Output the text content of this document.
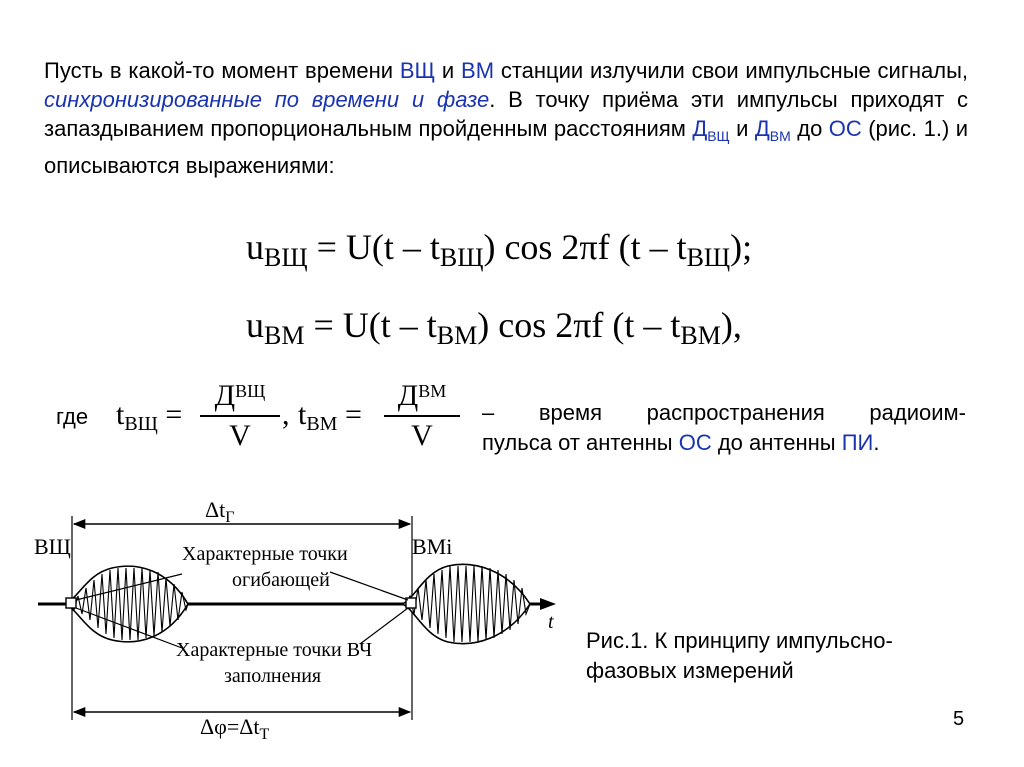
Пусть в какой-то момент времени ВЩ и ВМ станции излучили свои импульсные сигналы, синхронизированные по времени и фазе. В точку приёма эти импульсы приходят с запаздыванием пропорциональным пройденным расстояниям $Д_{ВЩ}$ и $Д_{ВМ}$ до ОС (рис. 1.) и описываются выражениями:

uВЩ = U(t – tВЩ) cos 2πf (t – tВЩ);

uВМ = U(t – tВМ) cos 2πf (t – tВМ),

где $t_{ВЩ}$ =

$Д^{ВЩ}$
V

, $t_{ВМ}$ =

$Д^{ВМ}$
V

– время распространения радиоим-
пульса от антенны ОС до антенны ПИ.

$\Delta t_Г$
$\Delta\varphi=\Delta t_Т$
t
Характерные точки
огибающей
Характерные точки ВЧ
заполнения
ВЩ	ВМi

Рис.1. К принципу импульсно-
фазовых измерений

5
